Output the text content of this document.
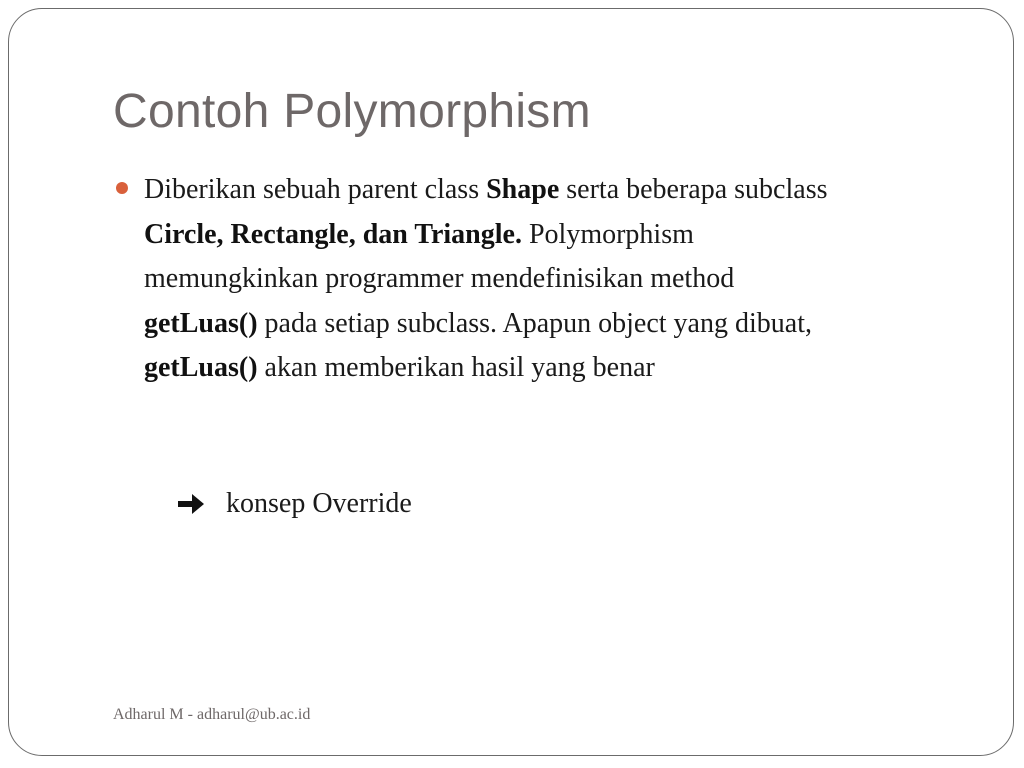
Contoh Polymorphism
Diberikan sebuah parent class Shape serta beberapa subclass
Circle, Rectangle, dan Triangle. Polymorphism
memungkinkan programmer mendefinisikan method
getLuas() pada setiap subclass. Apapun object yang dibuat,
getLuas() akan memberikan hasil yang benar
konsep Override
Adharul M - adharul@ub.ac.id
